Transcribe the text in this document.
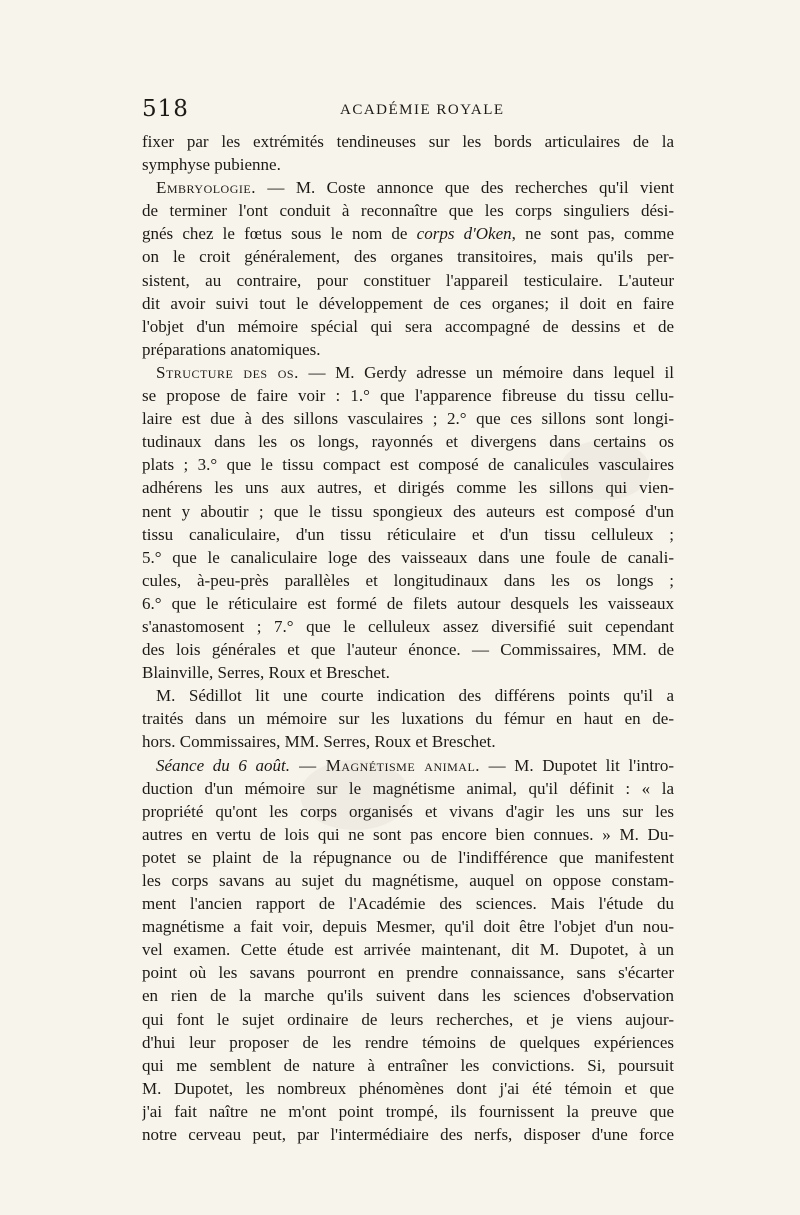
518	ACADÉMIE ROYALE
fixer par les extrémités tendineuses sur les bords articulaires de la
symphyse pubienne.
Embryologie. — M. Coste annonce que des recherches qu'il vient
de terminer l'ont conduit à reconnaître que les corps singuliers dési-
gnés chez le fœtus sous le nom de corps d'Oken, ne sont pas, comme
on le croit généralement, des organes transitoires, mais qu'ils per-
sistent, au contraire, pour constituer l'appareil testiculaire. L'auteur
dit avoir suivi tout le développement de ces organes; il doit en faire
l'objet d'un mémoire spécial qui sera accompagné de dessins et de
préparations anatomiques.
Structure des os. — M. Gerdy adresse un mémoire dans lequel il
se propose de faire voir : 1.° que l'apparence fibreuse du tissu cellu-
laire est due à des sillons vasculaires ; 2.° que ces sillons sont longi-
tudinaux dans les os longs, rayonnés et divergens dans certains os
plats ; 3.° que le tissu compact est composé de canalicules vasculaires
adhérens les uns aux autres, et dirigés comme les sillons qui vien-
nent y aboutir ; que le tissu spongieux des auteurs est composé d'un
tissu canaliculaire, d'un tissu réticulaire et d'un tissu celluleux ;
5.° que le canaliculaire loge des vaisseaux dans une foule de canali-
cules, à-peu-près parallèles et longitudinaux dans les os longs ;
6.° que le réticulaire est formé de filets autour desquels les vaisseaux
s'anastomosent ; 7.° que le celluleux assez diversifié suit cependant
des lois générales et que l'auteur énonce. — Commissaires, MM. de
Blainville, Serres, Roux et Breschet.
M. Sédillot lit une courte indication des différens points qu'il a
traités dans un mémoire sur les luxations du fémur en haut en de-
hors. Commissaires, MM. Serres, Roux et Breschet.
Séance du 6 août. — Magnétisme animal. — M. Dupotet lit l'intro-
duction d'un mémoire sur le magnétisme animal, qu'il définit : « la
propriété qu'ont les corps organisés et vivans d'agir les uns sur les
autres en vertu de lois qui ne sont pas encore bien connues. » M. Du-
potet se plaint de la répugnance ou de l'indifférence que manifestent
les corps savans au sujet du magnétisme, auquel on oppose constam-
ment l'ancien rapport de l'Académie des sciences. Mais l'étude du
magnétisme a fait voir, depuis Mesmer, qu'il doit être l'objet d'un nou-
vel examen. Cette étude est arrivée maintenant, dit M. Dupotet, à un
point où les savans pourront en prendre connaissance, sans s'écarter
en rien de la marche qu'ils suivent dans les sciences d'observation
qui font le sujet ordinaire de leurs recherches, et je viens aujour-
d'hui leur proposer de les rendre témoins de quelques expériences
qui me semblent de nature à entraîner les convictions. Si, poursuit
M. Dupotet, les nombreux phénomènes dont j'ai été témoin et que
j'ai fait naître ne m'ont point trompé, ils fournissent la preuve que
notre cerveau peut, par l'intermédiaire des nerfs, disposer d'une force
